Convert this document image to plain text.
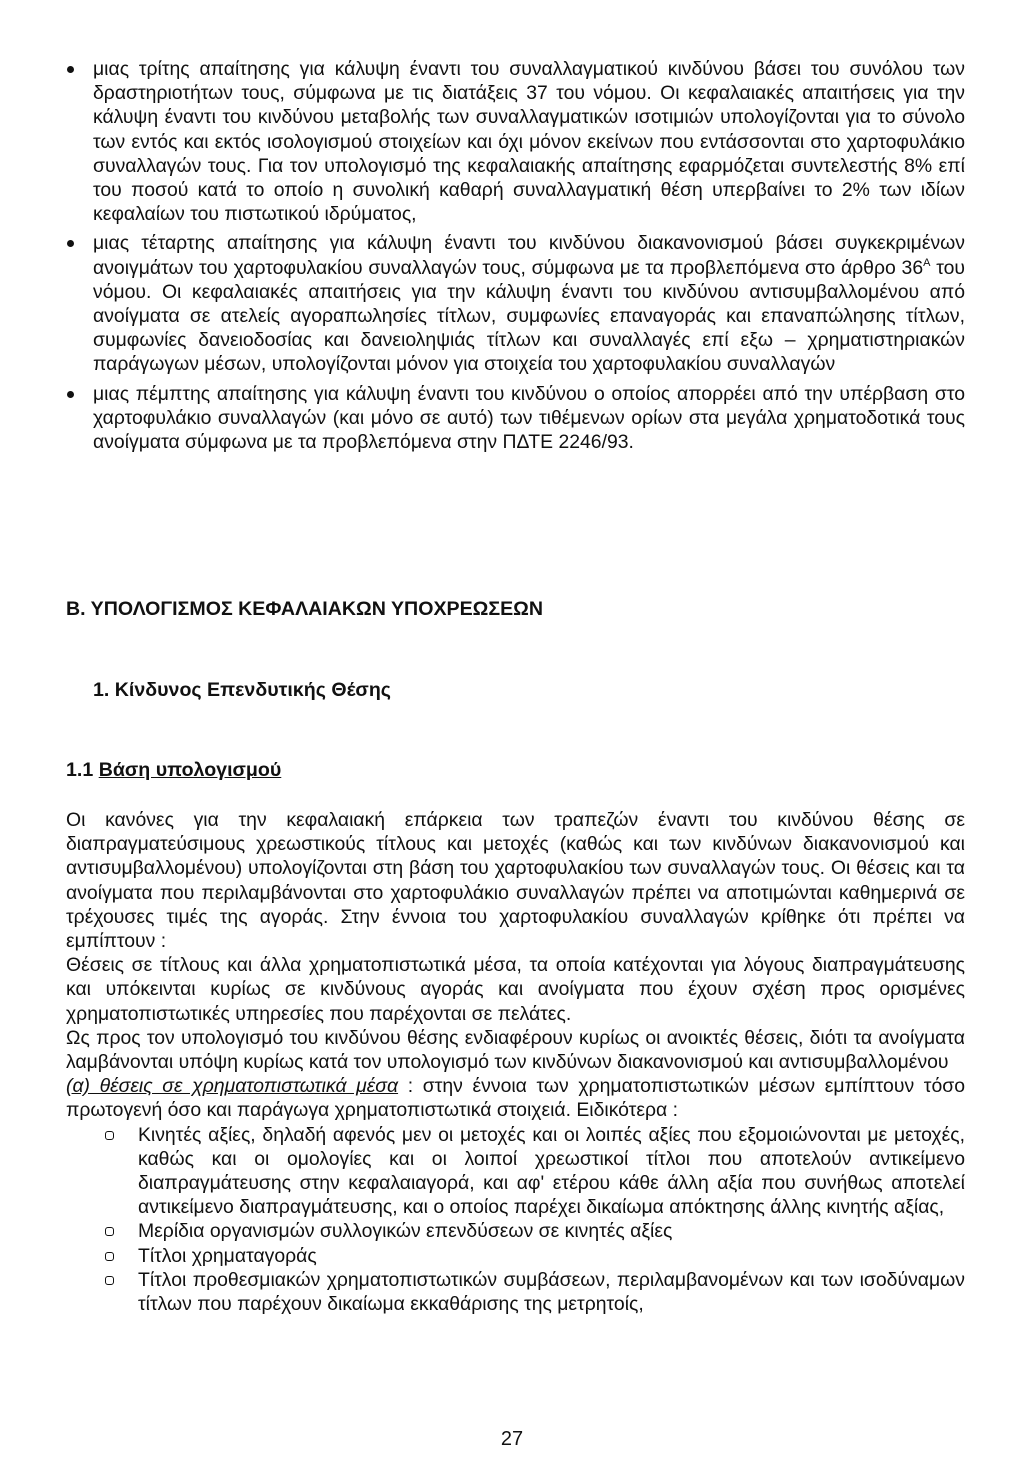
μιας τρίτης απαίτησης για κάλυψη έναντι του συναλλαγματικού κινδύνου βάσει του συνόλου των δραστηριοτήτων τους, σύμφωνα με τις διατάξεις 37 του νόμου. Οι κεφαλαιακές απαιτήσεις για την κάλυψη έναντι του κινδύνου μεταβολής των συναλλαγματικών ισοτιμιών υπολογίζονται για το σύνολο των εντός και εκτός ισολογισμού στοιχείων και όχι μόνον εκείνων που εντάσσονται στο χαρτοφυλάκιο συναλλαγών τους. Για τον υπολογισμό της κεφαλαιακής απαίτησης εφαρμόζεται συντελεστής 8% επί του ποσού κατά το οποίο η συνολική καθαρή συναλλαγματική θέση υπερβαίνει το 2% των ιδίων κεφαλαίων του πιστωτικού ιδρύματος,
μιας τέταρτης απαίτησης για κάλυψη έναντι του κινδύνου διακανονισμού βάσει συγκεκριμένων ανοιγμάτων του χαρτοφυλακίου συναλλαγών τους, σύμφωνα με τα προβλεπόμενα στο άρθρο $36^A$ του νόμου. Οι κεφαλαιακές απαιτήσεις για την κάλυψη έναντι του κινδύνου αντισυμβαλλομένου από ανοίγματα σε ατελείς αγοραπωλησίες τίτλων, συμφωνίες επαναγοράς και επαναπώλησης τίτλων, συμφωνίες δανειοδοσίας και δανειοληψιάς τίτλων και συναλλαγές επί εξω – χρηματιστηριακών παράγωγων μέσων, υπολογίζονται μόνον για στοιχεία του χαρτοφυλακίου συναλλαγών
μιας πέμπτης απαίτησης για κάλυψη έναντι του κινδύνου ο οποίος απορρέει από την υπέρβαση στο χαρτοφυλάκιο συναλλαγών (και μόνο σε αυτό) των τιθέμενων ορίων στα μεγάλα χρηματοδοτικά τους ανοίγματα σύμφωνα με τα προβλεπόμενα στην ΠΔΤΕ 2246/93.
Β. ΥΠΟΛΟΓΙΣΜΟΣ ΚΕΦΑΛΑΙΑΚΩΝ ΥΠΟΧΡΕΩΣΕΩΝ
1. Κίνδυνος Επενδυτικής Θέσης
1.1 Βάση υπολογισμού

Οι κανόνες για την κεφαλαιακή επάρκεια των τραπεζών έναντι του κινδύνου θέσης σε διαπραγματεύσιμους χρεωστικούς τίτλους και μετοχές (καθώς και των κινδύνων διακανονισμού και αντισυμβαλλομένου) υπολογίζονται στη βάση του χαρτοφυλακίου των συναλλαγών τους. Οι θέσεις και τα ανοίγματα που περιλαμβάνονται στο χαρτοφυλάκιο συναλλαγών πρέπει να αποτιμώνται καθημερινά σε τρέχουσες τιμές της αγοράς. Στην έννοια του χαρτοφυλακίου συναλλαγών κρίθηκε ότι πρέπει να εμπίπτουν :

Θέσεις σε τίτλους και άλλα χρηματοπιστωτικά μέσα, τα οποία κατέχονται για λόγους διαπραγμάτευσης και υπόκεινται κυρίως σε κινδύνους αγοράς και ανοίγματα που έχουν σχέση προς ορισμένες χρηματοπιστωτικές υπηρεσίες που παρέχονται σε πελάτες.

Ως προς τον υπολογισμό του κινδύνου θέσης ενδιαφέρουν κυρίως οι ανοικτές θέσεις, διότι τα ανοίγματα λαμβάνονται υπόψη κυρίως κατά τον υπολογισμό των κινδύνων διακανονισμού και αντισυμβαλλομένου

(α) θέσεις σε χρηματοπιστωτικά μέσα : στην έννοια των χρηματοπιστωτικών μέσων εμπίπτουν τόσο πρωτογενή όσο και παράγωγα χρηματοπιστωτικά στοιχειά. Ειδικότερα :

Κινητές αξίες, δηλαδή αφενός μεν οι μετοχές και οι λοιπές αξίες που εξομοιώνονται με μετοχές, καθώς και οι ομολογίες και οι λοιποί χρεωστικοί τίτλοι που αποτελούν αντικείμενο διαπραγμάτευσης στην κεφαλαιαγορά, και αφ' ετέρου κάθε άλλη αξία που συνήθως αποτελεί αντικείμενο διαπραγμάτευσης, και ο οποίος παρέχει δικαίωμα απόκτησης άλλης κινητής αξίας,
Μερίδια οργανισμών συλλογικών επενδύσεων σε κινητές αξίες
Τίτλοι χρηματαγοράς
Τίτλοι προθεσμιακών χρηματοπιστωτικών συμβάσεων, περιλαμβανομένων και των ισοδύναμων τίτλων που παρέχουν δικαίωμα εκκαθάρισης της μετρητοίς,
27
